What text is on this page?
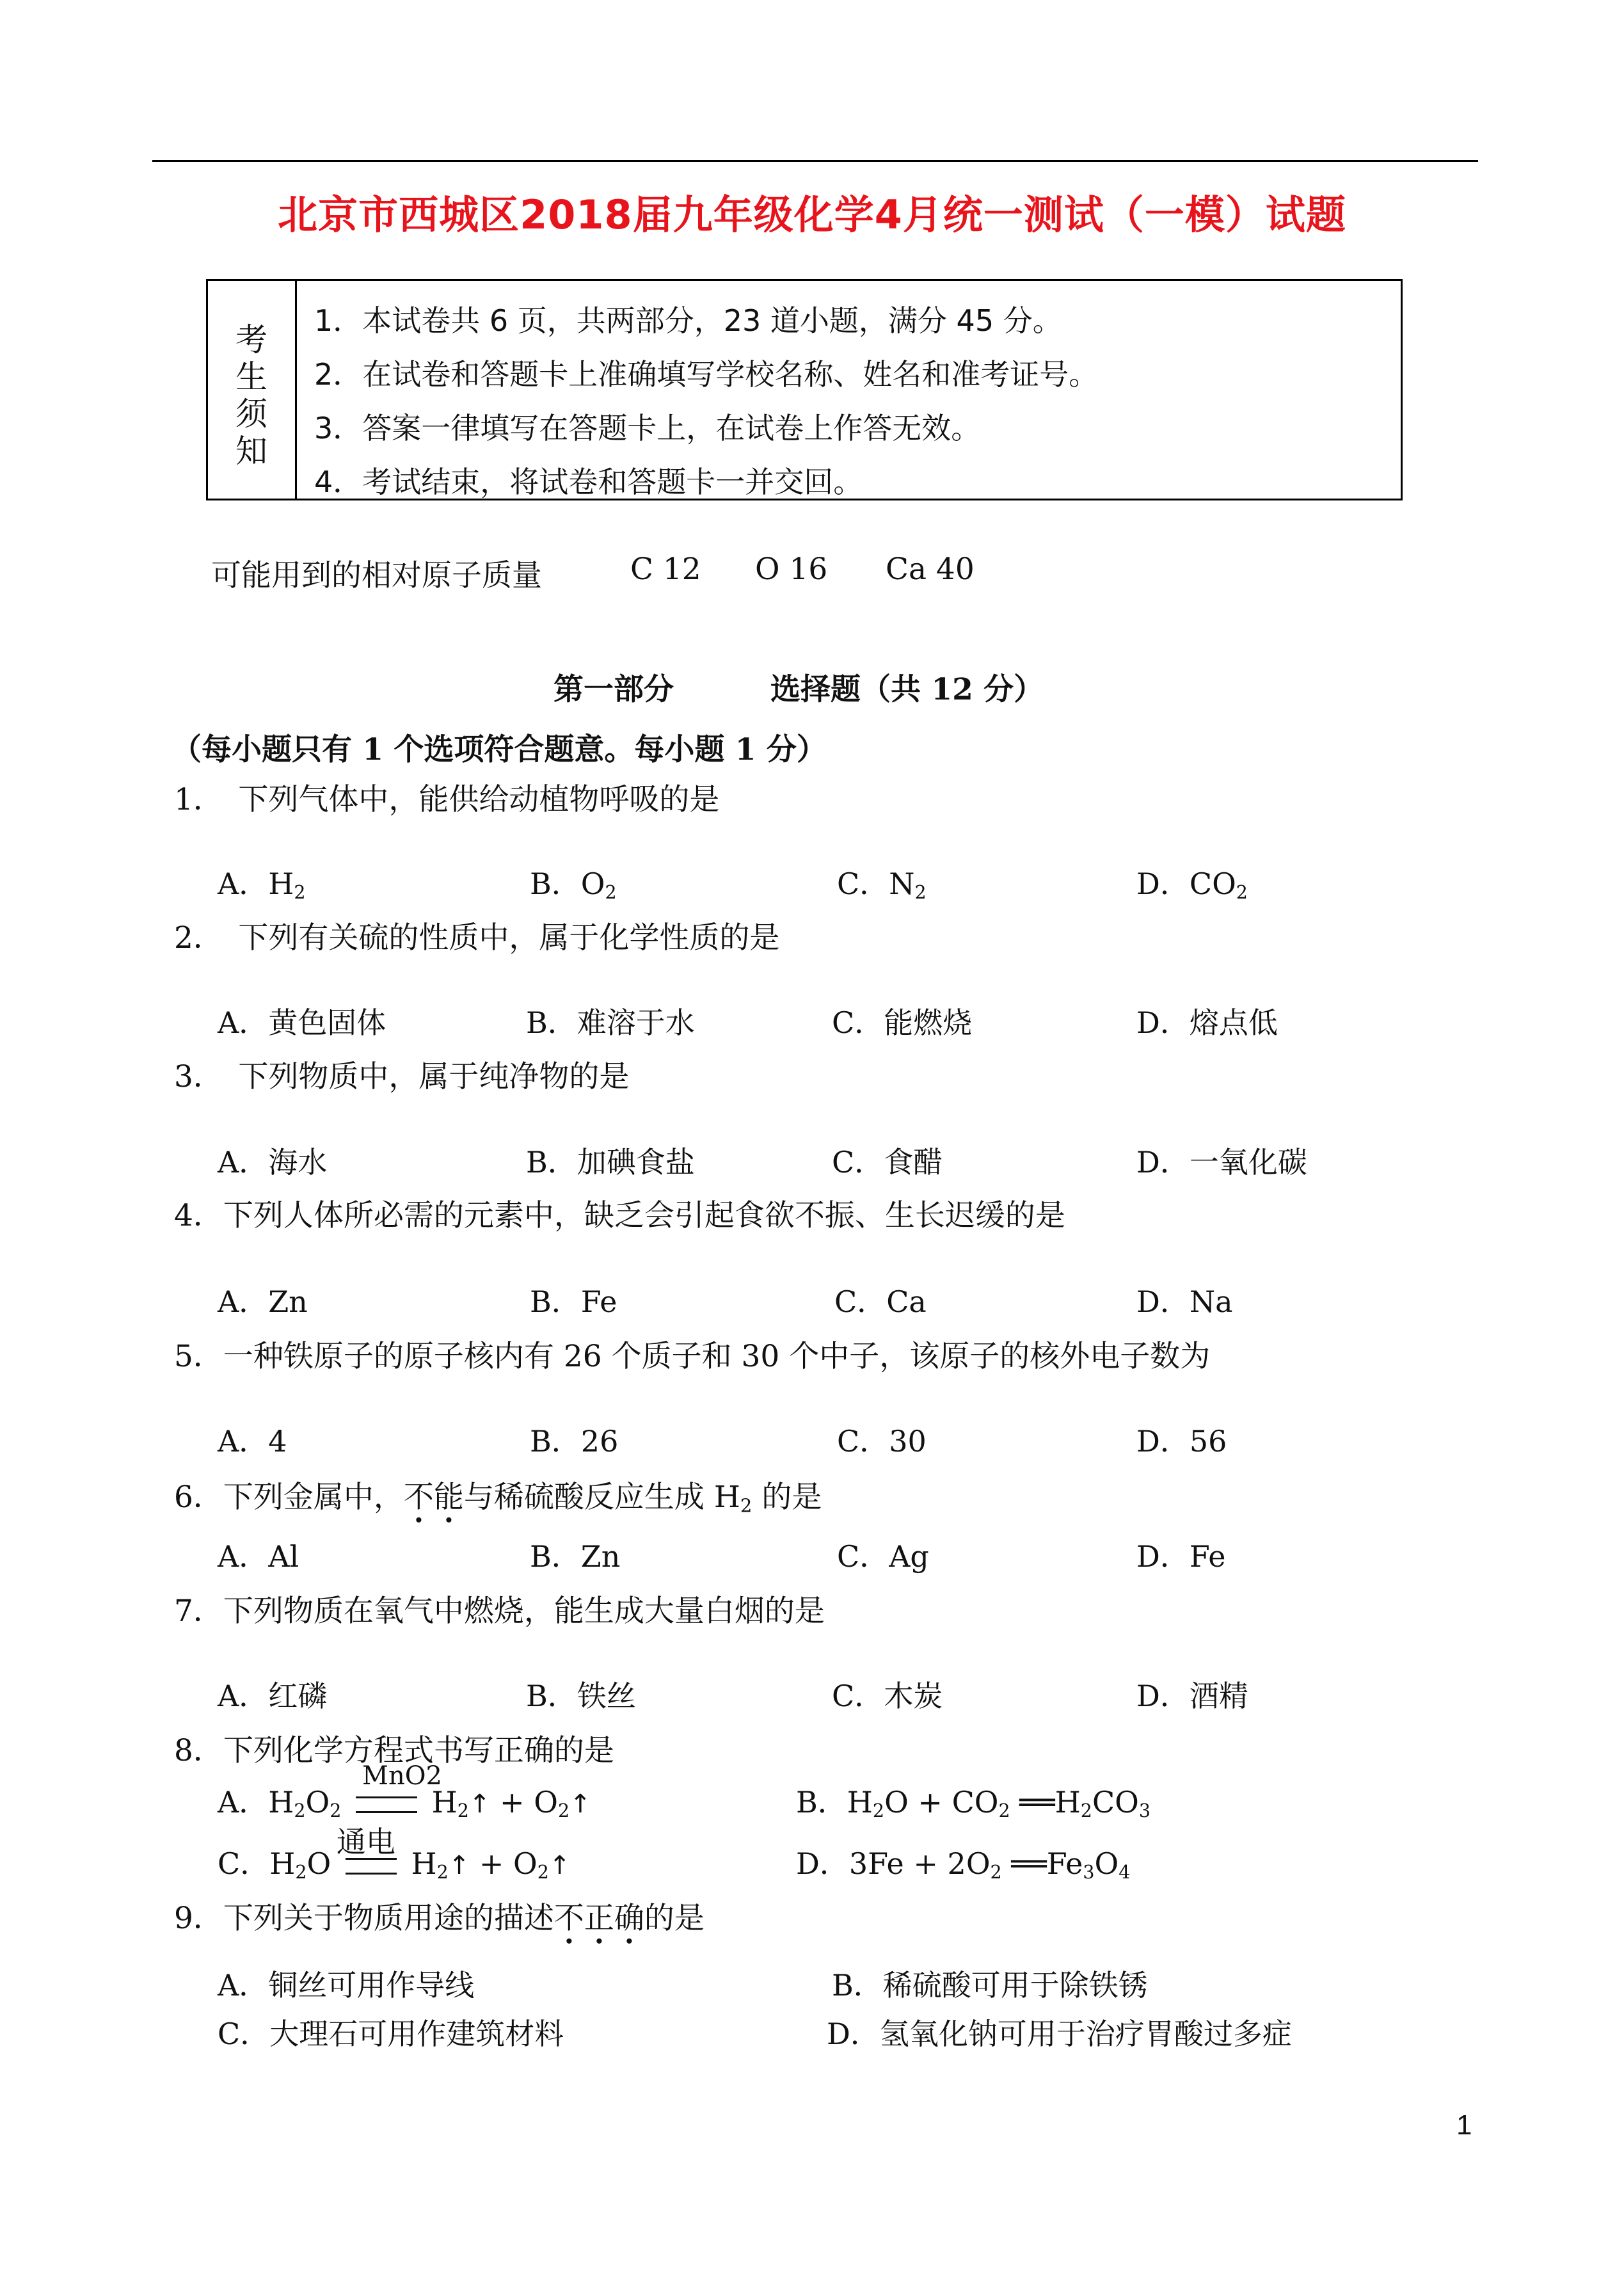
北京市西城区2018届九年级化学4月统一测试（一模）试题
考
生
须
知
1．本试卷共 6 页，共两部分，23 道小题，满分 45 分。
2．在试卷和答题卡上准确填写学校名称、姓名和准考证号。
3．答案一律填写在答题卡上，在试卷上作答无效。
4．考试结束，将试卷和答题卡一并交回。
可能用到的相对原子质量	C 12 O 16 Ca 40
第一部分	选择题（共 12 分）
（每小题只有 1 个选项符合题意。每小题 1 分）
1．　下列气体中，能供给动植物呼吸的是
A．$H_2$	B．$O_2$	C．$N_2$	D．$CO_2$
2．　下列有关硫的性质中，属于化学性质的是
A．黄色固体	B．难溶于水	C．能燃烧	D．熔点低
3．　下列物质中，属于纯净物的是
A．海水	B．加碘食盐	C．食醋	D．一氧化碳
4．下列人体所必需的元素中，缺乏会引起食欲不振、生长迟缓的是
A．Zn	B．Fe	C．Ca	D．Na
5．一种铁原子的原子核内有 26 个质子和 30 个中子，该原子的核外电子数为
A．4	B．26	C．30	D．56
6．下列金属中，不能与稀硫酸反应生成 $H_2$ 的是
A．Al	B．Zn	C．Ag	D．Fe
7．下列物质在氧气中燃烧，能生成大量白烟的是
A．红磷	B．铁丝	C．木炭	D．酒精
8．下列化学方程式书写正确的是
A．$H_2O_2$
MnO2
$H_2↑$ + $O_2↑$	B．$H_2O + CO_2$ $══H_2CO_3$
C．$H_2O$
通电
$H_2↑$ + $O_2↑$	D．$3Fe + 2O_2$ $══Fe_3O_4$
9．下列关于物质用途的描述不正确的是
A．铜丝可用作导线	B．稀硫酸可用于除铁锈
C．大理石可用作建筑材料	D．氢氧化钠可用于治疗胃酸过多症
1
